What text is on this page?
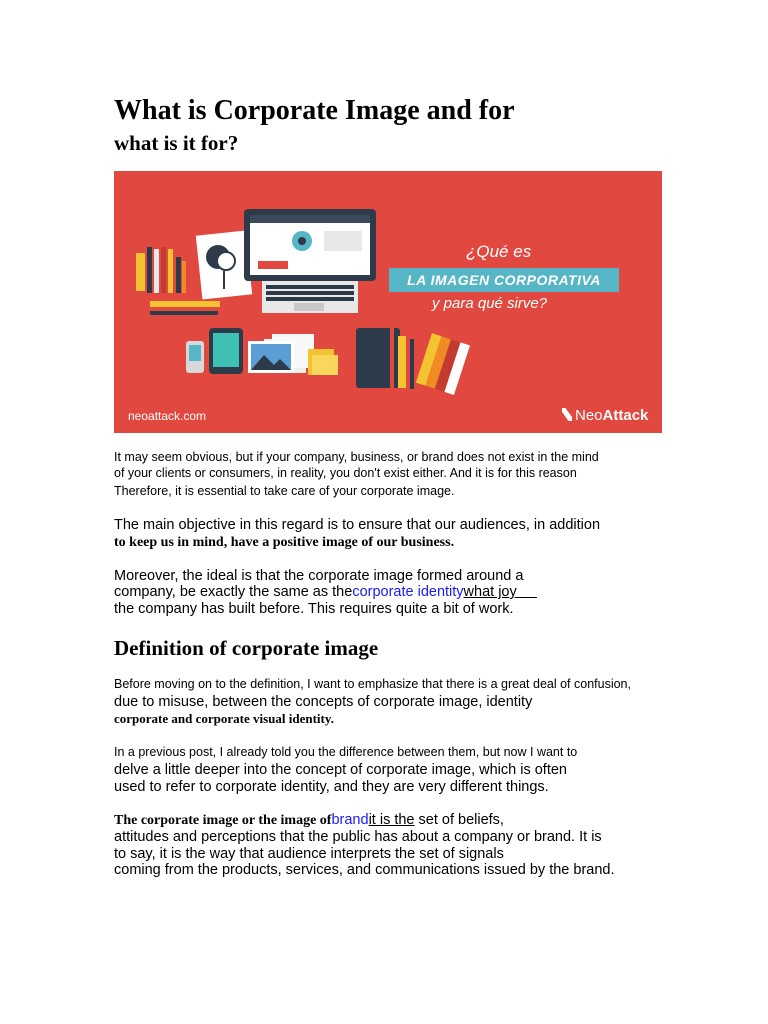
What is Corporate Image and for
what is it for?
¿Qué es
LA IMAGEN CORPORATIVA
y para qué sirve?
neoattack.com	NeoAttack
It may seem obvious, but if your company, business, or brand does not exist in the mind
of your clients or consumers, in reality, you don't exist either. And it is for this reason
Therefore, it is essential to take care of your corporate image.
The main objective in this regard is to ensure that our audiences, in addition
to keep us in mind, have a positive image of our business.
Moreover, the ideal is that the corporate image formed around a
company, be exactly the same as thecorporate identitywhat joy
the company has built before. This requires quite a bit of work.
Definition of corporate image
Before moving on to the definition, I want to emphasize that there is a great deal of confusion,
due to misuse, between the concepts of corporate image, identity
corporate and corporate visual identity.
In a previous post, I already told you the difference between them, but now I want to
delve a little deeper into the concept of corporate image, which is often
used to refer to corporate identity, and they are very different things.
The corporate image or the image ofbrandit is the set of beliefs,
attitudes and perceptions that the public has about a company or brand. It is
to say, it is the way that audience interprets the set of signals
coming from the products, services, and communications issued by the brand.
